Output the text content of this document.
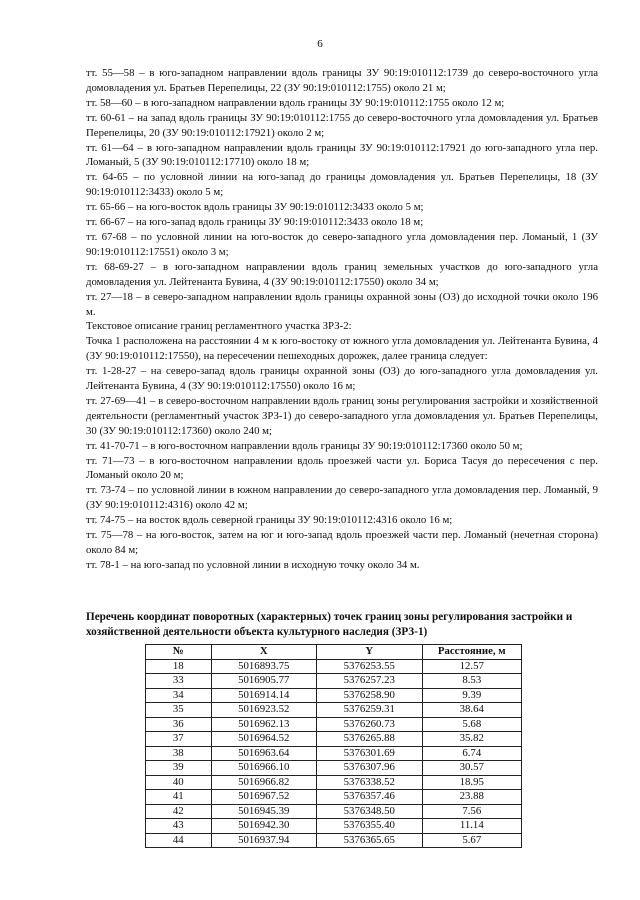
6

тт. 55—58 – в юго-западном направлении вдоль границы ЗУ 90:19:010112:1739 до северо-восточного угла домовладения ул. Братьев Перепелицы, 22 (ЗУ 90:19:010112:1755) около 21 м;

тт. 58—60 – в юго-западном направлении вдоль границы ЗУ 90:19:010112:1755 около 12 м;

тт. 60-61 – на запад вдоль границы ЗУ 90:19:010112:1755 до северо-восточного угла домовладения ул. Братьев Перепелицы, 20 (ЗУ 90:19:010112:17921) около 2 м;

тт. 61—64 – в юго-западном направлении вдоль границы ЗУ 90:19:010112:17921 до юго-западного угла пер. Ломаный, 5 (ЗУ 90:19:010112:17710) около 18 м;

тт. 64-65 – по условной линии на юго-запад до границы домовладения ул. Братьев Перепелицы, 18 (ЗУ 90:19:010112:3433) около 5 м;

тт. 65-66 – на юго-восток вдоль границы ЗУ 90:19:010112:3433 около 5 м;

тт. 66-67 – на юго-запад вдоль границы ЗУ 90:19:010112:3433 около 18 м;

тт. 67-68 – по условной линии на юго-восток до северо-западного угла домовладения пер. Ломаный, 1 (ЗУ 90:19:010112:17551) около 3 м;

тт. 68-69-27 – в юго-западном направлении вдоль границ земельных участков до юго-западного угла домовладения ул. Лейтенанта Бувина, 4 (ЗУ 90:19:010112:17550) около 34 м;

тт. 27—18 – в северо-западном направлении вдоль границы охранной зоны (ОЗ) до исходной точки около 196 м.

Текстовое описание границ регламентного участка ЗРЗ-2:

Точка 1 расположена на расстоянии 4 м к юго-востоку от южного угла домовладения ул. Лейтенанта Бувина, 4 (ЗУ 90:19:010112:17550), на пересечении пешеходных дорожек, далее граница следует:

тт. 1-28-27 – на северо-запад вдоль границы охранной зоны (ОЗ) до юго-западного угла домовладения ул. Лейтенанта Бувина, 4 (ЗУ 90:19:010112:17550) около 16 м;

тт. 27-69—41 – в северо-восточном направлении вдоль границ зоны регулирования застройки и хозяйственной деятельности (регламентный участок ЗРЗ-1) до северо-западного угла домовладения ул. Братьев Перепелицы, 30 (ЗУ 90:19:010112:17360) около 240 м;

тт. 41-70-71 – в юго-восточном направлении вдоль границы ЗУ 90:19:010112:17360 около 50 м;

тт. 71—73 – в юго-восточном направлении вдоль проезжей части ул. Бориса Тасуя до пересечения с пер. Ломаный около 20 м;

тт. 73-74 – по условной линии в южном направлении до северо-западного угла домовладения пер. Ломаный, 9 (ЗУ 90:19:010112:4316) около 42 м;

тт. 74-75 – на восток вдоль северной границы ЗУ 90:19:010112:4316 около 16 м;

тт. 75—78 – на юго-восток, затем на юг и юго-запад вдоль проезжей части пер. Ломаный (нечетная сторона) около 84 м;

тт. 78-1 – на юго-запад по условной линии в исходную точку около 34 м.

Перечень координат поворотных (характерных) точек границ зоны регулирования застройки и хозяйственной деятельности объекта культурного наследия (ЗРЗ-1)
№	X	Y	Расстояние, м
18	5016893.75	5376253.55	12.57
33	5016905.77	5376257.23	8.53
34	5016914.14	5376258.90	9.39
35	5016923.52	5376259.31	38.64
36	5016962.13	5376260.73	5.68
37	5016964.52	5376265.88	35.82
38	5016963.64	5376301.69	6.74
39	5016966.10	5376307.96	30.57
40	5016966.82	5376338.52	18.95
41	5016967.52	5376357.46	23.88
42	5016945.39	5376348.50	7.56
43	5016942.30	5376355.40	11.14
44	5016937.94	5376365.65	5.67
